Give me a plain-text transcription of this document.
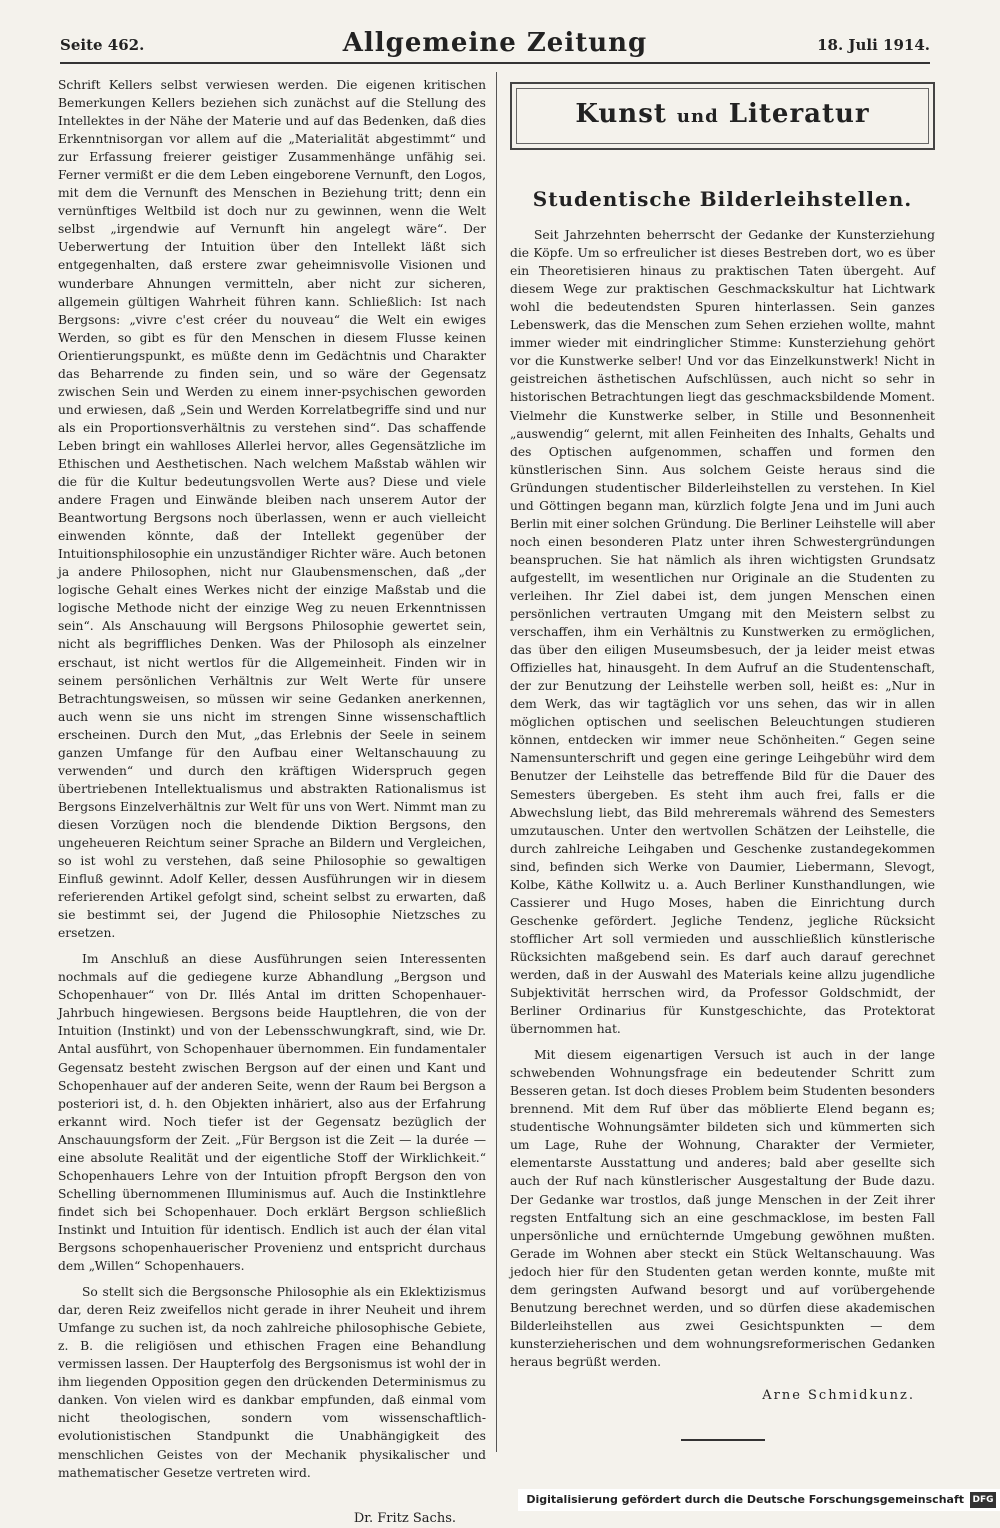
Seite 462.	Allgemeine Zeitung	18. Juli 1914.

Schrift Kellers selbst verwiesen werden. Die eigenen kritischen Bemerkungen Kellers beziehen sich zunächst auf die Stellung des Intellektes in der Nähe der Materie und auf das Bedenken, daß dies Erkenntnisorgan vor allem auf die „Materialität abgestimmt“ und zur Erfassung freierer geistiger Zusammenhänge unfähig sei. Ferner vermißt er die dem Leben eingeborene Vernunft, den Logos, mit dem die Vernunft des Menschen in Beziehung tritt; denn ein vernünftiges Weltbild ist doch nur zu gewinnen, wenn die Welt selbst „irgendwie auf Vernunft hin angelegt wäre“. Der Ueberwertung der Intuition über den Intellekt läßt sich entgegenhalten, daß erstere zwar geheimnisvolle Visionen und wunderbare Ahnungen vermitteln, aber nicht zur sicheren, allgemein gültigen Wahrheit führen kann. Schließlich: Ist nach Bergsons: „vivre c'est créer du nouveau“ die Welt ein ewiges Werden, so gibt es für den Menschen in diesem Flusse keinen Orientierungspunkt, es müßte denn im Gedächtnis und Charakter das Beharrende zu finden sein, und so wäre der Gegensatz zwischen Sein und Werden zu einem inner-psychischen geworden und erwiesen, daß „Sein und Werden Korrelatbegriffe sind und nur als ein Proportionsverhältnis zu verstehen sind“. Das schaffende Leben bringt ein wahlloses Allerlei hervor, alles Gegensätzliche im Ethischen und Aesthetischen. Nach welchem Maßstab wählen wir die für die Kultur bedeutungsvollen Werte aus? Diese und viele andere Fragen und Einwände bleiben nach unserem Autor der Beantwortung Bergsons noch überlassen, wenn er auch vielleicht einwenden könnte, daß der Intellekt gegenüber der Intuitionsphilosophie ein unzuständiger Richter wäre. Auch betonen ja andere Philosophen, nicht nur Glaubensmenschen, daß „der logische Gehalt eines Werkes nicht der einzige Maßstab und die logische Methode nicht der einzige Weg zu neuen Erkenntnissen sein“. Als Anschauung will Bergsons Philosophie gewertet sein, nicht als begriffliches Denken. Was der Philosoph als einzelner erschaut, ist nicht wertlos für die Allgemeinheit. Finden wir in seinem persönlichen Verhältnis zur Welt Werte für unsere Betrachtungsweisen, so müssen wir seine Gedanken anerkennen, auch wenn sie uns nicht im strengen Sinne wissenschaftlich erscheinen. Durch den Mut, „das Erlebnis der Seele in seinem ganzen Umfange für den Aufbau einer Weltanschauung zu verwenden“ und durch den kräftigen Widerspruch gegen übertriebenen Intellektualismus und abstrakten Rationalismus ist Bergsons Einzelverhältnis zur Welt für uns von Wert. Nimmt man zu diesen Vorzügen noch die blendende Diktion Bergsons, den ungeheueren Reichtum seiner Sprache an Bildern und Vergleichen, so ist wohl zu verstehen, daß seine Philosophie so gewaltigen Einfluß gewinnt. Adolf Keller, dessen Ausführungen wir in diesem referierenden Artikel gefolgt sind, scheint selbst zu erwarten, daß sie bestimmt sei, der Jugend die Philosophie Nietzsches zu ersetzen.

Im Anschluß an diese Ausführungen seien Interessenten nochmals auf die gediegene kurze Abhandlung „Bergson und Schopenhauer“ von Dr. Illés Antal im dritten Schopenhauer-Jahrbuch hingewiesen. Bergsons beide Hauptlehren, die von der Intuition (Instinkt) und von der Lebensschwungkraft, sind, wie Dr. Antal ausführt, von Schopenhauer übernommen. Ein fundamentaler Gegensatz besteht zwischen Bergson auf der einen und Kant und Schopenhauer auf der anderen Seite, wenn der Raum bei Bergson a posteriori ist, d. h. den Objekten inhäriert, also aus der Erfahrung erkannt wird. Noch tiefer ist der Gegensatz bezüglich der Anschauungsform der Zeit. „Für Bergson ist die Zeit — la durée — eine absolute Realität und der eigentliche Stoff der Wirklichkeit.“ Schopenhauers Lehre von der Intuition pfropft Bergson den von Schelling übernommenen Illuminismus auf. Auch die Instinktlehre findet sich bei Schopenhauer. Doch erklärt Bergson schließlich Instinkt und Intuition für identisch. Endlich ist auch der élan vital Bergsons schopenhauerischer Provenienz und entspricht durchaus dem „Willen“ Schopenhauers.

So stellt sich die Bergsonsche Philosophie als ein Eklektizismus dar, deren Reiz zweifellos nicht gerade in ihrer Neuheit und ihrem Umfange zu suchen ist, da noch zahlreiche philosophische Gebiete, z. B. die religiösen und ethischen Fragen eine Behandlung vermissen lassen. Der Haupterfolg des Bergsonismus ist wohl der in ihm liegenden Opposition gegen den drückenden Determinismus zu danken. Von vielen wird es dankbar empfunden, daß einmal vom nicht theologischen, sondern vom wissenschaftlich-evolutionistischen Standpunkt die Unabhängigkeit des menschlichen Geistes von der Mechanik physikalischer und mathematischer Gesetze vertreten wird.

Dr. Fritz Sachs.
Kunst und Literatur
Studentische Bilderleihstellen.

Seit Jahrzehnten beherrscht der Gedanke der Kunsterziehung die Köpfe. Um so erfreulicher ist dieses Bestreben dort, wo es über ein Theoretisieren hinaus zu praktischen Taten übergeht. Auf diesem Wege zur praktischen Geschmackskultur hat Lichtwark wohl die bedeutendsten Spuren hinterlassen. Sein ganzes Lebenswerk, das die Menschen zum Sehen erziehen wollte, mahnt immer wieder mit eindringlicher Stimme: Kunsterziehung gehört vor die Kunstwerke selber! Und vor das Einzelkunstwerk! Nicht in geistreichen ästhetischen Aufschlüssen, auch nicht so sehr in historischen Betrachtungen liegt das geschmacksbildende Moment. Vielmehr die Kunstwerke selber, in Stille und Besonnenheit „auswendig“ gelernt, mit allen Feinheiten des Inhalts, Gehalts und des Optischen aufgenommen, schaffen und formen den künstlerischen Sinn. Aus solchem Geiste heraus sind die Gründungen studentischer Bilderleihstellen zu verstehen. In Kiel und Göttingen begann man, kürzlich folgte Jena und im Juni auch Berlin mit einer solchen Gründung. Die Berliner Leihstelle will aber noch einen besonderen Platz unter ihren Schwestergründungen beanspruchen. Sie hat nämlich als ihren wichtigsten Grundsatz aufgestellt, im wesentlichen nur Originale an die Studenten zu verleihen. Ihr Ziel dabei ist, dem jungen Menschen einen persönlichen vertrauten Umgang mit den Meistern selbst zu verschaffen, ihm ein Verhältnis zu Kunstwerken zu ermöglichen, das über den eiligen Museumsbesuch, der ja leider meist etwas Offizielles hat, hinausgeht. In dem Aufruf an die Studentenschaft, der zur Benutzung der Leihstelle werben soll, heißt es: „Nur in dem Werk, das wir tagtäglich vor uns sehen, das wir in allen möglichen optischen und seelischen Beleuchtungen studieren können, entdecken wir immer neue Schönheiten.“ Gegen seine Namensunterschrift und gegen eine geringe Leihgebühr wird dem Benutzer der Leihstelle das betreffende Bild für die Dauer des Semesters übergeben. Es steht ihm auch frei, falls er die Abwechslung liebt, das Bild mehreremals während des Semesters umzutauschen. Unter den wertvollen Schätzen der Leihstelle, die durch zahlreiche Leihgaben und Geschenke zustandegekommen sind, befinden sich Werke von Daumier, Liebermann, Slevogt, Kolbe, Käthe Kollwitz u. a. Auch Berliner Kunsthandlungen, wie Cassierer und Hugo Moses, haben die Einrichtung durch Geschenke gefördert. Jegliche Tendenz, jegliche Rücksicht stofflicher Art soll vermieden und ausschließlich künstlerische Rücksichten maßgebend sein. Es darf auch darauf gerechnet werden, daß in der Auswahl des Materials keine allzu jugendliche Subjektivität herrschen wird, da Professor Goldschmidt, der Berliner Ordinarius für Kunstgeschichte, das Protektorat übernommen hat.

Mit diesem eigenartigen Versuch ist auch in der lange schwebenden Wohnungsfrage ein bedeutender Schritt zum Besseren getan. Ist doch dieses Problem beim Studenten besonders brennend. Mit dem Ruf über das möblierte Elend begann es; studentische Wohnungsämter bildeten sich und kümmerten sich um Lage, Ruhe der Wohnung, Charakter der Vermieter, elementarste Ausstattung und anderes; bald aber gesellte sich auch der Ruf nach künstlerischer Ausgestaltung der Bude dazu. Der Gedanke war trostlos, daß junge Menschen in der Zeit ihrer regsten Entfaltung sich an eine geschmacklose, im besten Fall unpersönliche und ernüchternde Umgebung gewöhnen mußten. Gerade im Wohnen aber steckt ein Stück Weltanschauung. Was jedoch hier für den Studenten getan werden konnte, mußte mit dem geringsten Aufwand besorgt und auf vorübergehende Benutzung berechnet werden, und so dürfen diese akademischen Bilderleihstellen aus zwei Gesichtspunkten — dem kunsterzieherischen und dem wohnungsreformerischen Gedanken heraus begrüßt werden.

Arne Schmidkunz.
Digitalisierung gefördert durch die Deutsche Forschungsgemeinschaft DFG
